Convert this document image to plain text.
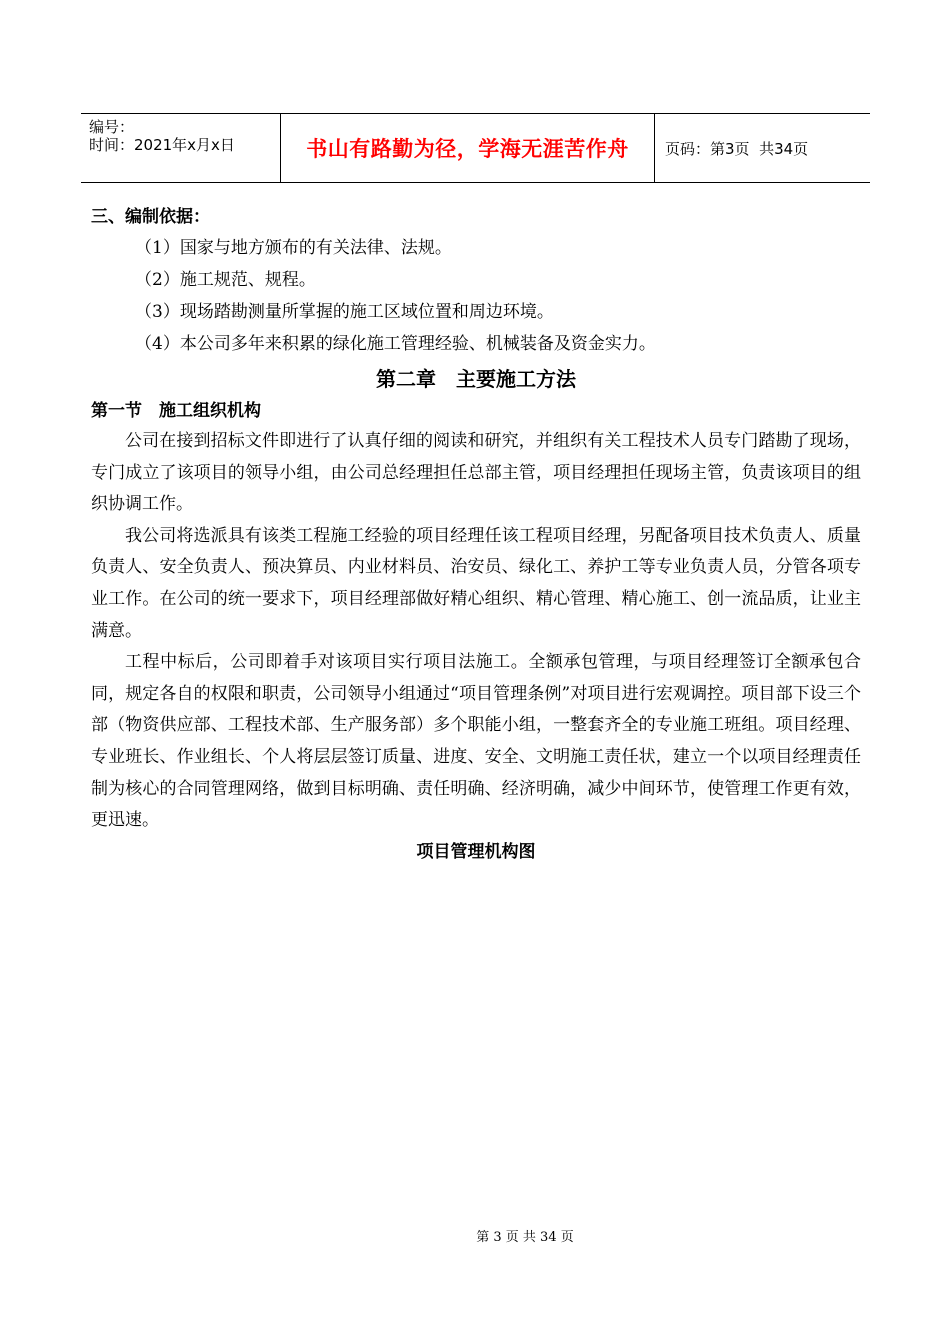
编号：
时间：2021年x月x日	书山有路勤为径，学海无涯苦作舟	页码：第3页  共34页
三、编制依据：
（1）国家与地方颁布的有关法律、法规。
（2）施工规范、规程。
（3）现场踏勘测量所掌握的施工区域位置和周边环境。
（4）本公司多年来积累的绿化施工管理经验、机械装备及资金实力。
第二章　主要施工方法
第一节　施工组织机构

公司在接到招标文件即进行了认真仔细的阅读和研究，并组织有关工程技术人员专门踏勘了现场，专门成立了该项目的领导小组，由公司总经理担任总部主管，项目经理担任现场主管，负责该项目的组织协调工作。

我公司将选派具有该类工程施工经验的项目经理任该工程项目经理，另配备项目技术负责人、质量负责人、安全负责人、预决算员、内业材料员、治安员、绿化工、养护工等专业负责人员，分管各项专业工作。在公司的统一要求下，项目经理部做好精心组织、精心管理、精心施工、创一流品质，让业主满意。

工程中标后，公司即着手对该项目实行项目法施工。全额承包管理，与项目经理签订全额承包合同，规定各自的权限和职责，公司领导小组通过“项目管理条例”对项目进行宏观调控。项目部下设三个部（物资供应部、工程技术部、生产服务部）多个职能小组，一整套齐全的专业施工班组。项目经理、专业班长、作业组长、个人将层层签订质量、进度、安全、文明施工责任状，建立一个以项目经理责任制为核心的合同管理网络，做到目标明确、责任明确、经济明确，减少中间环节，使管理工作更有效，更迅速。

项目管理机构图
第 3 页 共 34 页
